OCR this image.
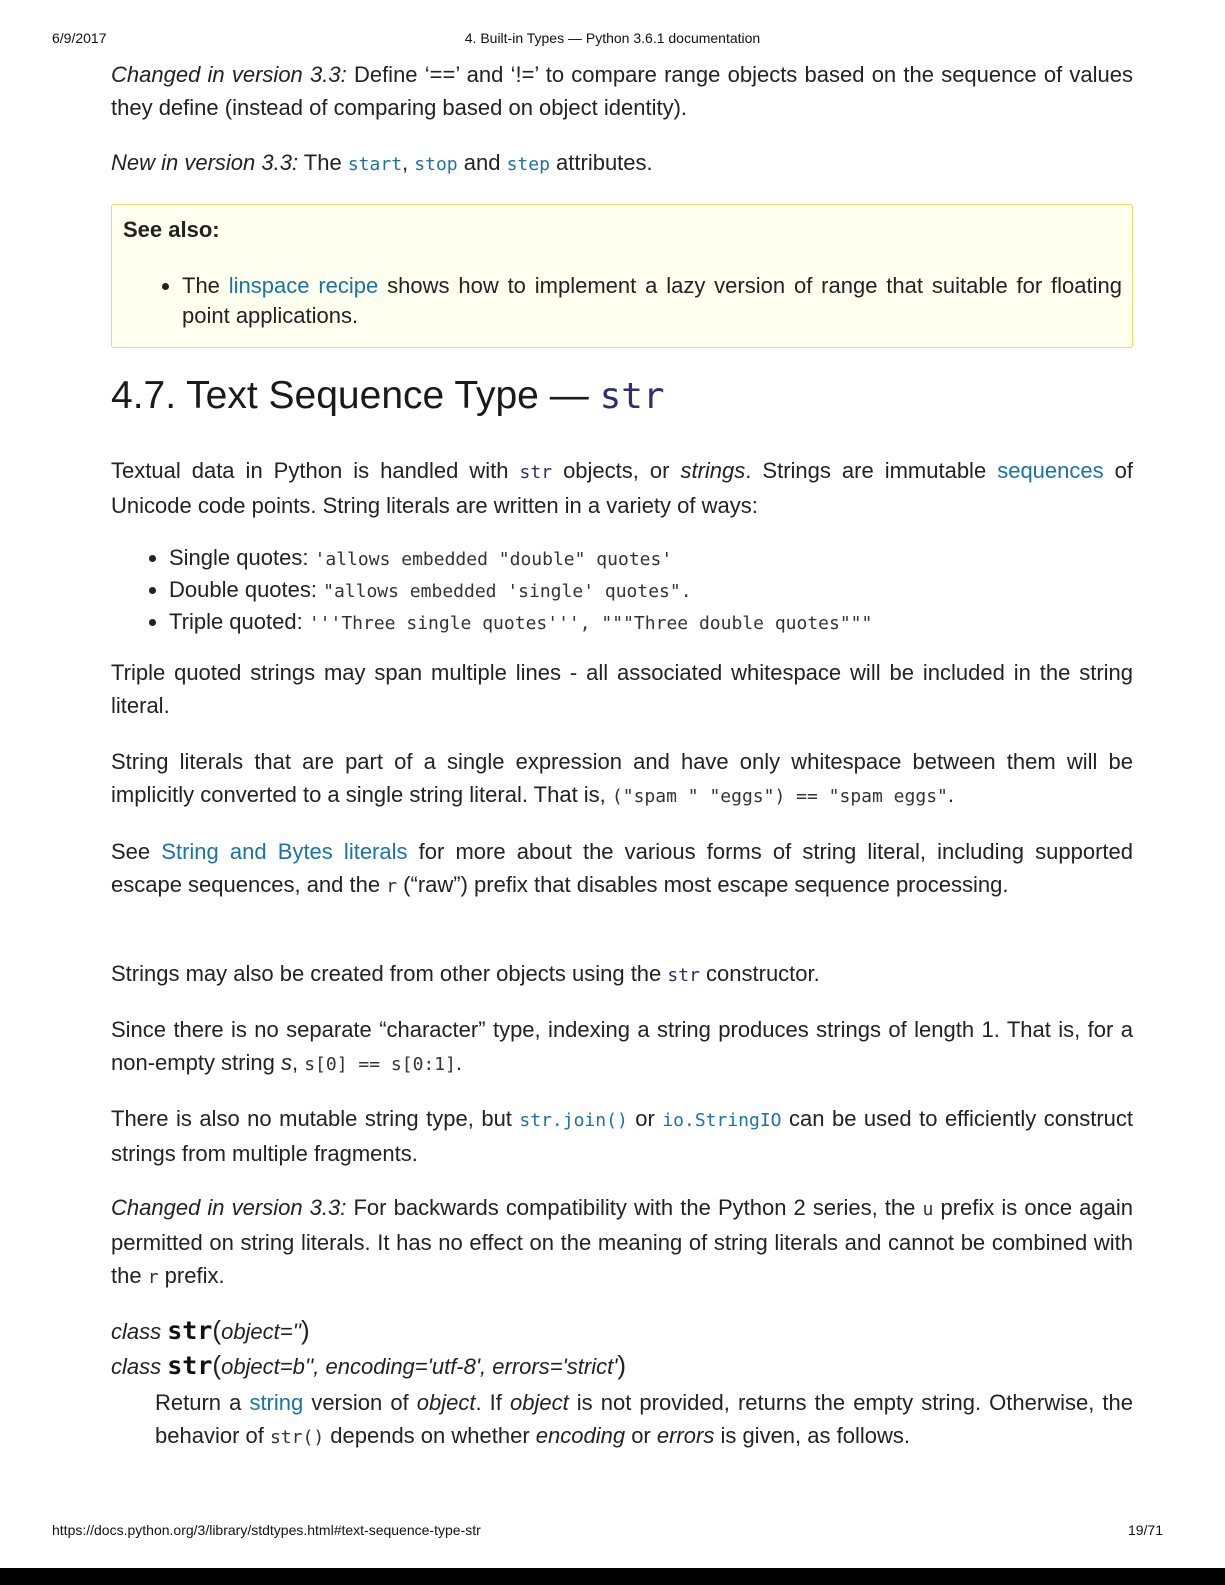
6/9/2017	4. Built-in Types — Python 3.6.1 documentation
Changed in version 3.3: Define ‘==’ and ‘!=’ to compare range objects based on the sequence of values they define (instead of comparing based on object identity).
New in version 3.3: The start, stop and step attributes.
See also:
• The linspace recipe shows how to implement a lazy version of range that suitable for floating point applications.
4.7. Text Sequence Type — str
Textual data in Python is handled with str objects, or strings. Strings are immutable sequences of Unicode code points. String literals are written in a variety of ways:
• Single quotes: 'allows embedded "double" quotes'
• Double quotes: "allows embedded 'single' quotes".
• Triple quoted: '''Three single quotes''', """Three double quotes"""
Triple quoted strings may span multiple lines - all associated whitespace will be included in the string literal.
String literals that are part of a single expression and have only whitespace between them will be implicitly converted to a single string literal. That is, ("spam " "eggs") == "spam eggs".
See String and Bytes literals for more about the various forms of string literal, including supported escape sequences, and the r (“raw”) prefix that disables most escape sequence processing.
Strings may also be created from other objects using the str constructor.
Since there is no separate “character” type, indexing a string produces strings of length 1. That is, for a non-empty string s, s[0] == s[0:1].
There is also no mutable string type, but str.join() or io.StringIO can be used to efficiently construct strings from multiple fragments.
Changed in version 3.3: For backwards compatibility with the Python 2 series, the u prefix is once again permitted on string literals. It has no effect on the meaning of string literals and cannot be combined with the r prefix.
class str(object='')
class str(object=b'', encoding='utf-8', errors='strict')
Return a string version of object. If object is not provided, returns the empty string. Otherwise, the behavior of str() depends on whether encoding or errors is given, as follows.
https://docs.python.org/3/library/stdtypes.html#text-sequence-type-str	19/71
